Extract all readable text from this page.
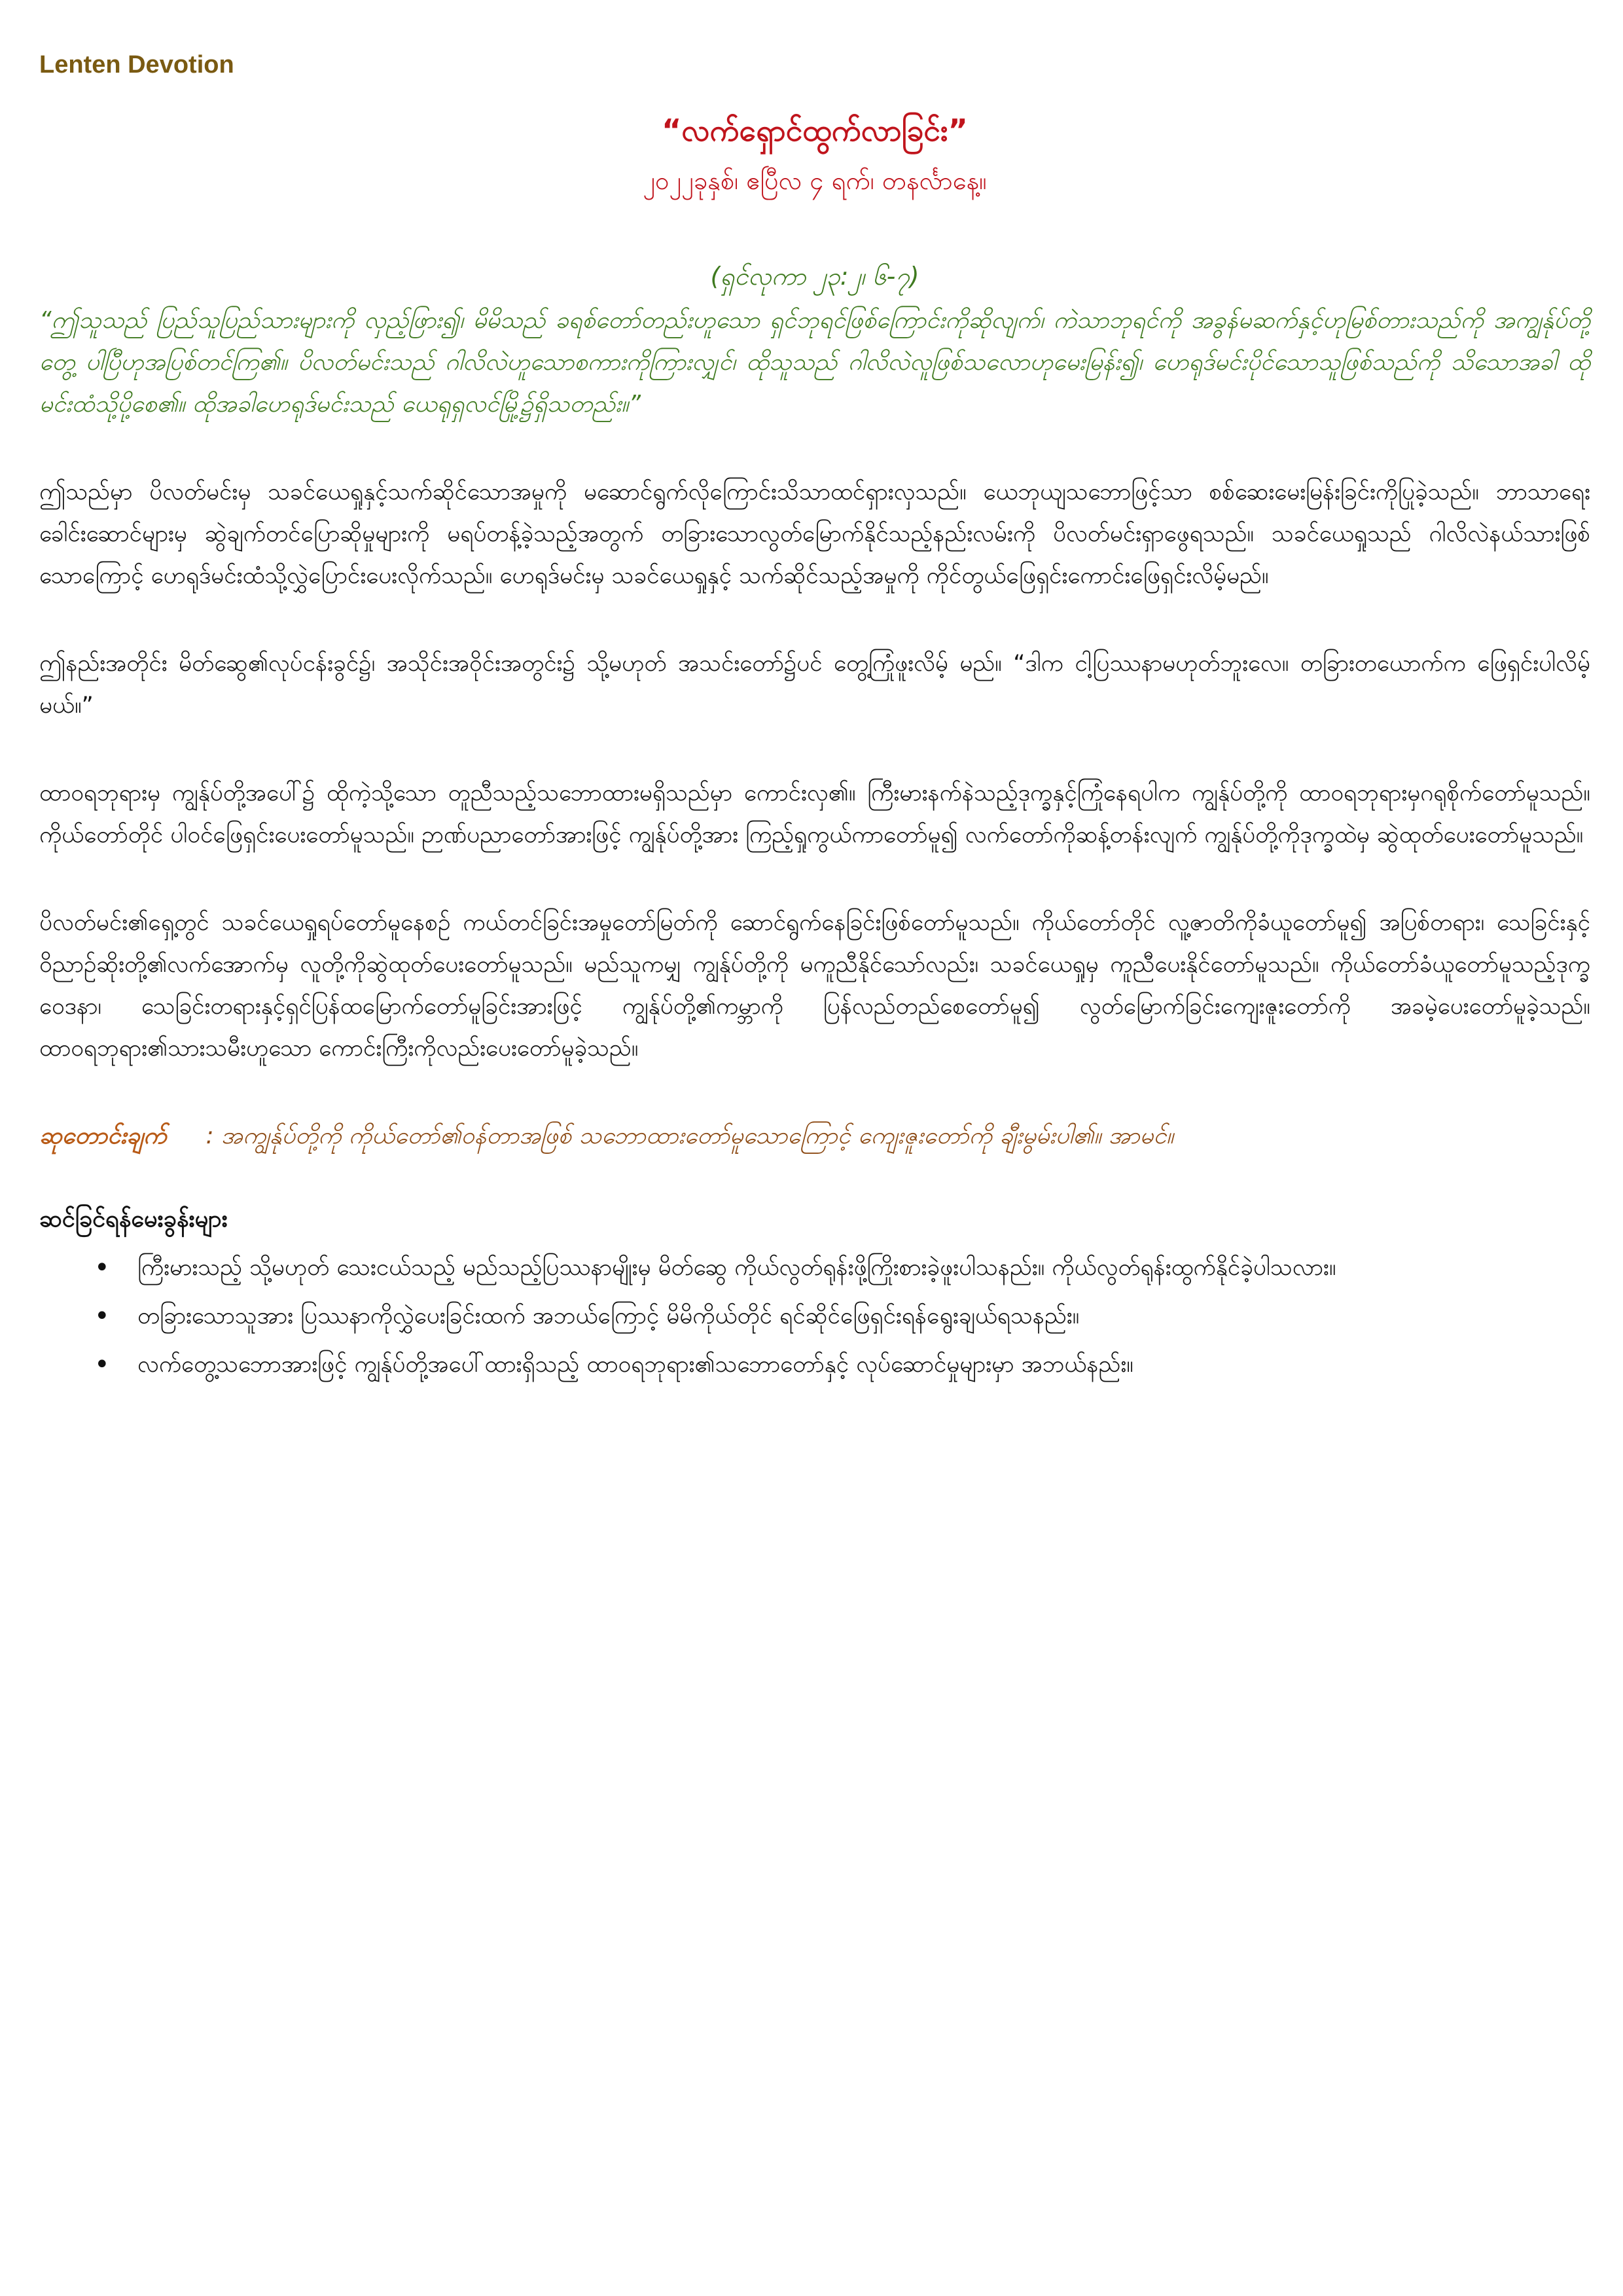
Lenten Devotion
“လက်ရှောင်ထွက်လာခြင်း”
၂၀၂၂ခုနှစ်၊ ဧပြီလ ၄ ရက်၊ တနင်္လာနေ့။
(ရှင်လုကာ ၂၃:၂၊ ၆-၇)
“ဤသူသည် ပြည်သူပြည်သားများကို လှည့်ဖြား၍၊ မိမိသည် ခရစ်တော်တည်းဟူသော ရှင်ဘုရင်ဖြစ်ကြောင်းကိုဆိုလျက်၊ ကဲသာဘုရင်ကို အခွန်မဆက်နှင့်ဟုမြစ်တားသည်ကို အကျွန်ုပ်တို့တွေ့ ပါပြီဟုအပြစ်တင်ကြ၏။ ပိလတ်မင်းသည် ဂါလိလဲဟူသောစကားကိုကြားလျှင်၊ ထိုသူသည် ဂါလိလဲလူဖြစ်သလောဟုမေးမြန်း၍၊ ဟေရုဒ်မင်းပိုင်သောသူဖြစ်သည်ကို သိသောအခါ ထိုမင်းထံသို့ပို့စေ၏။ ထိုအခါဟေရုဒ်မင်းသည် ယေရုရှလင်မြို့၌ရှိသတည်း။”

ဤသည်မှာ ပိလတ်မင်းမှ သခင်ယေရှုနှင့်သက်ဆိုင်သောအမှုကို မဆောင်ရွက်လိုကြောင်းသိသာထင်ရှားလှသည်။ ယေဘုယျသဘောဖြင့်သာ စစ်ဆေးမေးမြန်းခြင်းကိုပြုခဲ့သည်။ ဘာသာရေးခေါင်းဆောင်များမှ ဆွဲချက်တင်ပြောဆိုမှုများကို မရပ်တန့်ခဲ့သည့်အတွက် တခြားသောလွတ်မြောက်နိုင်သည့်နည်းလမ်းကို ပိလတ်မင်းရှာဖွေရသည်။ သခင်ယေရှုသည် ဂါလိလဲနယ်သားဖြစ်သောကြောင့် ဟေရုဒ်မင်းထံသို့လွှဲပြောင်းပေးလိုက်သည်။ ဟေရုဒ်မင်းမှ သခင်ယေရှုနှင့် သက်ဆိုင်သည့်အမှုကို ကိုင်တွယ်ဖြေရှင်းကောင်းဖြေရှင်းလိမ့်မည်။

ဤနည်းအတိုင်း မိတ်ဆွေ၏လုပ်ငန်းခွင်၌၊ အသိုင်းအဝိုင်းအတွင်း၌ သို့မဟုတ် အသင်းတော်၌ပင် တွေ့ကြုံဖူးလိမ့် မည်။ “ဒါက ငါ့ပြဿနာမဟုတ်ဘူးလေ။ တခြားတယောက်က ဖြေရှင်းပါလိမ့်မယ်။”

ထာဝရဘုရားမှ ကျွန်ုပ်တို့အပေါ်၌ ထိုကဲ့သို့သော တူညီသည့်သဘောထားမရှိသည်မှာ ကောင်းလှ၏။ ကြီးမားနက်နဲသည့်ဒုက္ခနှင့်ကြုံနေရပါက ကျွန်ုပ်တို့ကို ထာဝရဘုရားမှဂရုစိုက်တော်မူသည်။ ကိုယ်တော်တိုင် ပါဝင်ဖြေရှင်းပေးတော်မူသည်။ ဉာဏ်ပညာတော်အားဖြင့် ကျွန်ုပ်တို့အား ကြည့်ရှုကွယ်ကာတော်မူ၍ လက်တော်ကိုဆန့်တန်းလျက် ကျွန်ုပ်တို့ကိုဒုက္ခထဲမှ ဆွဲထုတ်ပေးတော်မူသည်။

ပိလတ်မင်း၏ရှေ့တွင် သခင်ယေရှုရပ်တော်မူနေစဉ် ကယ်တင်ခြင်းအမှုတော်မြတ်ကို ဆောင်ရွက်နေခြင်းဖြစ်တော်မူသည်။ ကိုယ်တော်တိုင် လူ့ဇာတိကိုခံယူတော်မူ၍ အပြစ်တရား၊ သေခြင်းနှင့်ဝိညာဉ်ဆိုးတို့၏လက်အောက်မှ လူတို့ကိုဆွဲထုတ်ပေးတော်မူသည်။ မည်သူကမျှ ကျွန်ုပ်တို့ကို မကူညီနိုင်သော်လည်း၊ သခင်ယေရှုမှ ကူညီပေးနိုင်တော်မူသည်။ ကိုယ်တော်ခံယူတော်မူသည့်ဒုက္ခဝေဒနာ၊ သေခြင်းတရားနှင့်ရှင်ပြန်ထမြောက်တော်မူခြင်းအားဖြင့် ကျွန်ုပ်တို့၏ကမ္ဘာကို ပြန်လည်တည်စေတော်မူ၍ လွတ်မြောက်ခြင်းကျေးဇူးတော်ကို အခမဲ့ပေးတော်မူခဲ့သည်။ ထာဝရဘုရား၏သားသမီးဟူသော ကောင်းကြီးကိုလည်းပေးတော်မူခဲ့သည်။

ဆုတောင်းချက် : အကျွန်ုပ်တို့ကို ကိုယ်တော်၏ဝန်တာအဖြစ် သဘောထားတော်မူသောကြောင့် ကျေးဇူးတော်ကို ချီးမွမ်းပါ၏။ အာမင်။
ဆင်ခြင်ရန်မေးခွန်းများ
• ကြီးမားသည့် သို့မဟုတ် သေးငယ်သည့် မည်သည့်ပြဿနာမျိုးမှ မိတ်ဆွေ ကိုယ်လွတ်ရုန်းဖို့ကြိုးစားခဲ့ဖူးပါသနည်း။ ကိုယ်လွတ်ရုန်းထွက်နိုင်ခဲ့ပါသလား။
• တခြားသောသူအား ပြဿနာကိုလွှဲပေးခြင်းထက် အဘယ်ကြောင့် မိမိကိုယ်တိုင် ရင်ဆိုင်ဖြေရှင်းရန်ရွေးချယ်ရသနည်း။
• လက်တွေ့သဘောအားဖြင့် ကျွန်ုပ်တို့အပေါ်ထားရှိသည့် ထာဝရဘုရား၏သဘောတော်နှင့် လုပ်ဆောင်မှုများမှာ အဘယ်နည်း။
